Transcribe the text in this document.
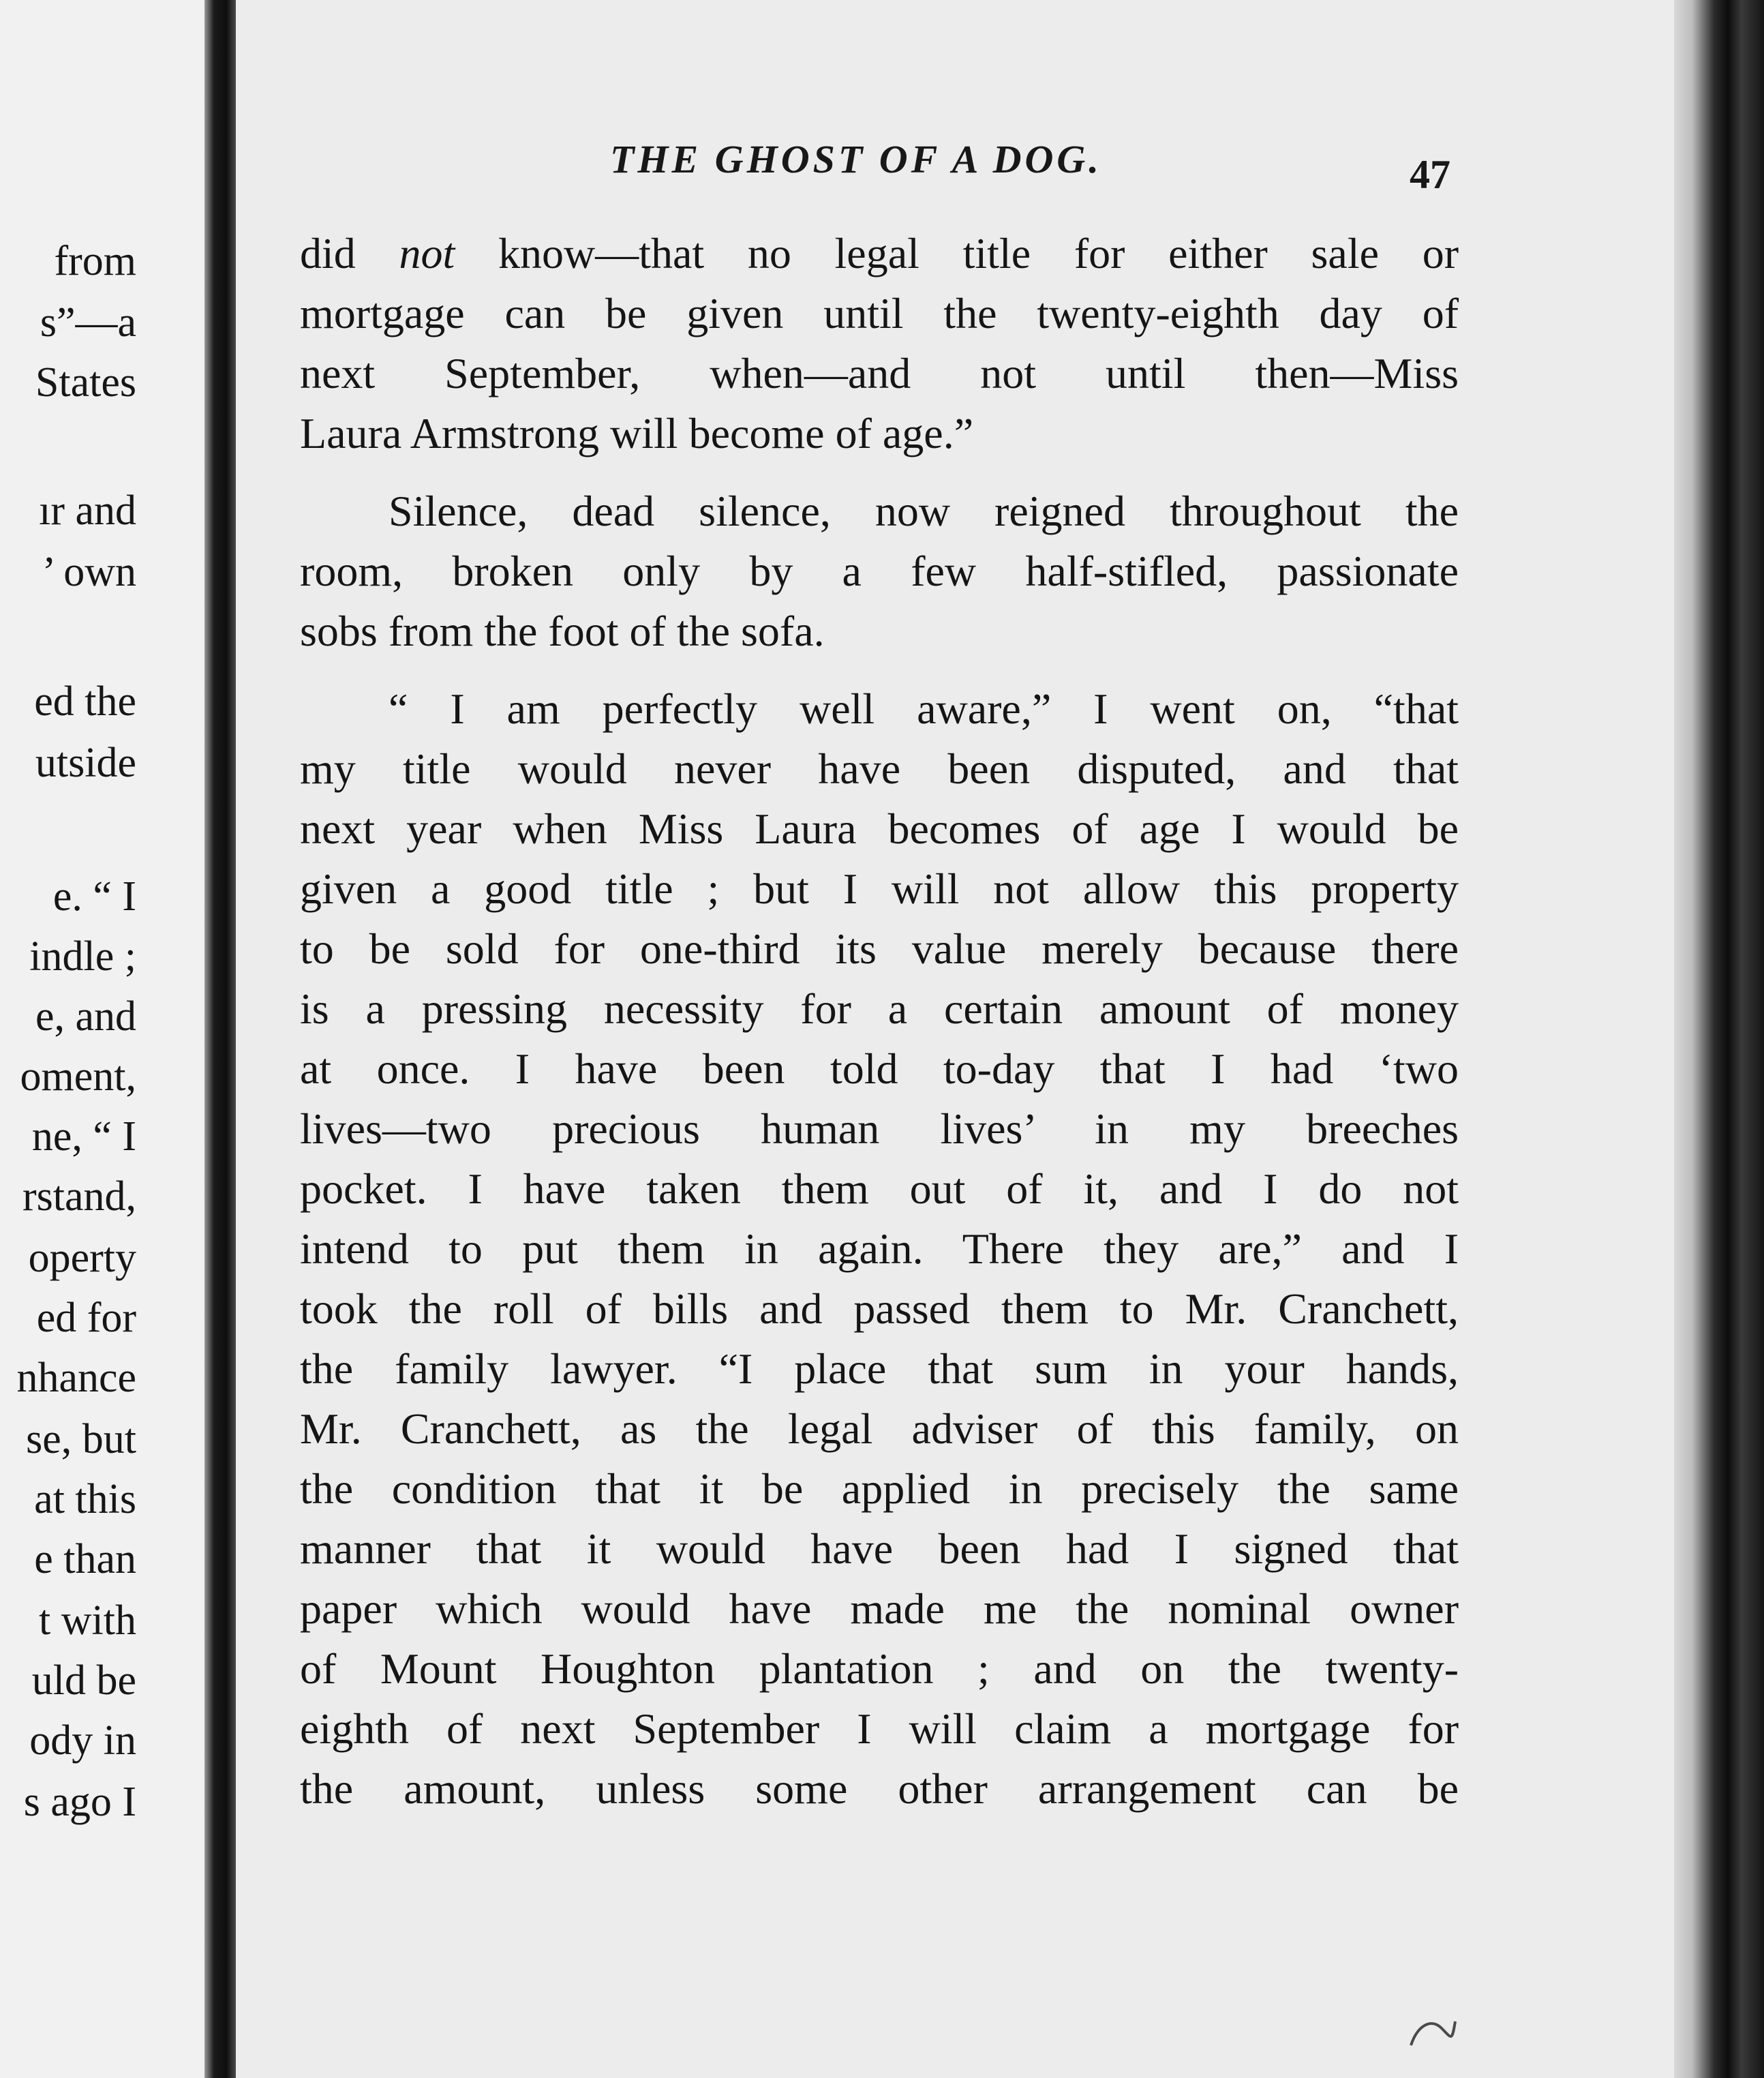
from
s”—a
States
ır and
’ own
ed the
utside
e. “ I
indle ;
e, and
oment,
ne, “ I
rstand,
operty
ed for
nhance
se, but
at this
e than
t with
uld be
ody in
s ago I
THE GHOST OF A DOG.	47
did not know—that no legal title for either sale or
mortgage can be given until the twenty-eighth day of
next September, when—and not until then—Miss
Laura Armstrong will become of age.”
Silence, dead silence, now reigned throughout the
room, broken only by a few half-stifled, passionate
sobs from the foot of the sofa.
“ I am perfectly well aware,” I went on, “that
my title would never have been disputed, and that
next year when Miss Laura becomes of age I would be
given a good title ; but I will not allow this property
to be sold for one-third its value merely because there
is a pressing necessity for a certain amount of money
at once. I have been told to-day that I had ‘two
lives—two precious human lives’ in my breeches
pocket. I have taken them out of it, and I do not
intend to put them in again. There they are,” and I
took the roll of bills and passed them to Mr. Cranchett,
the family lawyer. “I place that sum in your hands,
Mr. Cranchett, as the legal adviser of this family, on
the condition that it be applied in precisely the same
manner that it would have been had I signed that
paper which would have made me the nominal owner
of Mount Houghton plantation ; and on the twenty-
eighth of next September I will claim a mortgage for
the amount, unless some other arrangement can be
